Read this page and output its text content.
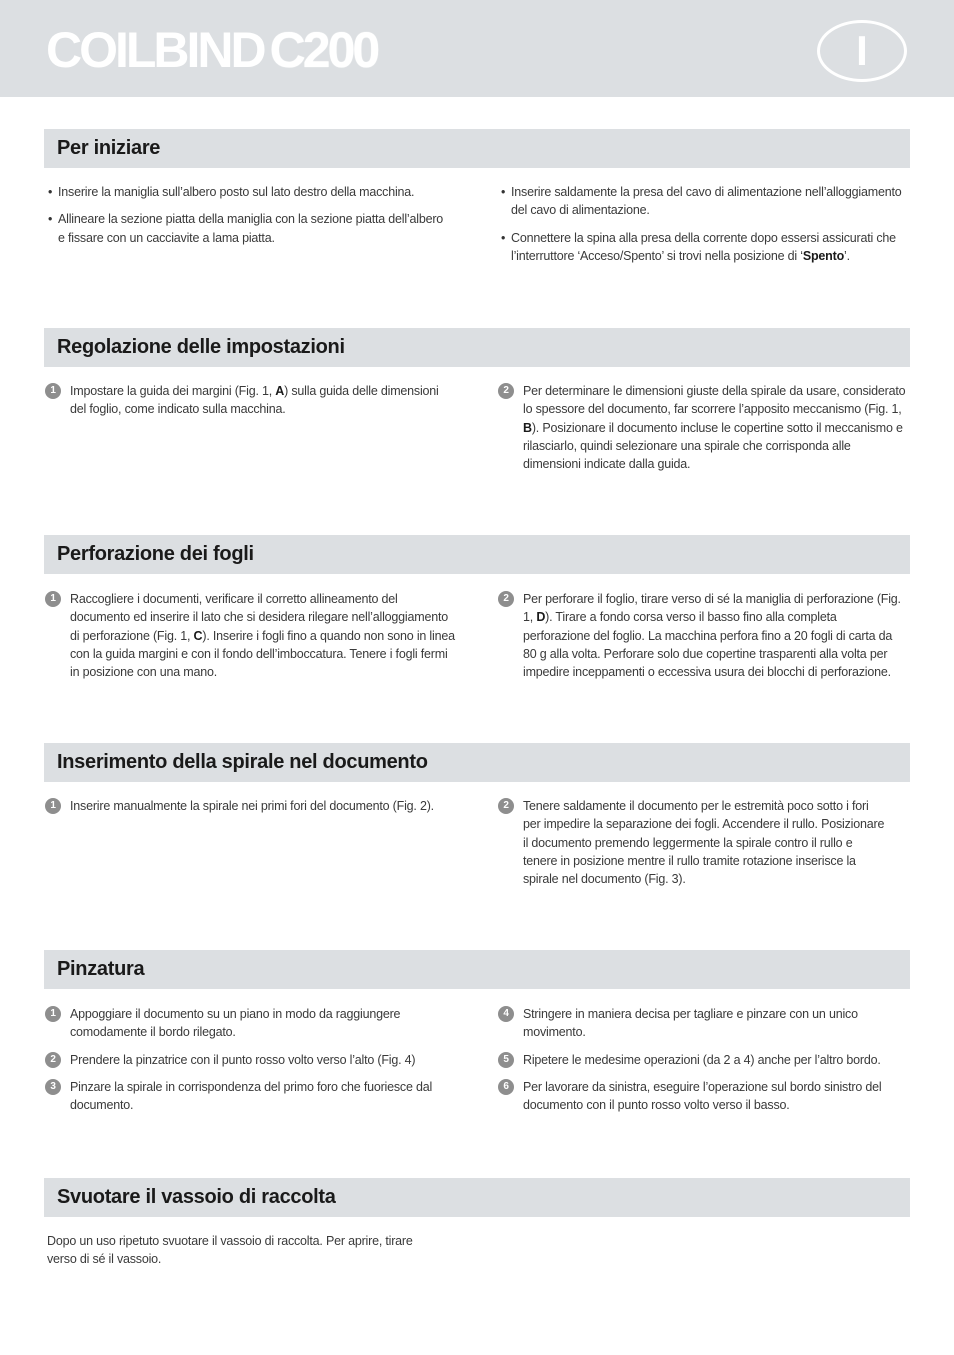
COILBIND C200	I
Per iniziare
• Inserire la maniglia sull’albero posto sul lato destro della macchina.
• Allineare la sezione piatta della maniglia con la sezione piatta dell’albero e fissare con un cacciavite a lama piatta.
• Inserire saldamente la presa del cavo di alimentazione nell’alloggiamento del cavo di alimentazione.
• Connettere la spina alla presa della corrente dopo essersi assicurati che l’interruttore ‘Acceso/Spento’ si trovi nella posizione di ‘Spento’.
Regolazione delle impostazioni
1	Impostare la guida dei margini (Fig. 1, A) sulla guida delle dimensioni del foglio, come indicato sulla macchina.
2	Per determinare le dimensioni giuste della spirale da usare, considerato lo spessore del documento, far scorrere l’apposito meccanismo (Fig. 1, B). Posizionare il documento incluse le copertine sotto il meccanismo e rilasciarlo, quindi selezionare una spirale che corrisponda alle dimensioni indicate dalla guida.
Perforazione dei fogli
1	Raccogliere i documenti, verificare il corretto allineamento del documento ed inserire il lato che si desidera rilegare nell’alloggiamento di perforazione (Fig. 1, C). Inserire i fogli fino a quando non sono in linea con la guida margini e con il fondo dell’imboccatura. Tenere i fogli fermi in posizione con una mano.
2	Per perforare il foglio, tirare verso di sé la maniglia di perforazione (Fig. 1, D). Tirare a fondo corsa verso il basso fino alla completa perforazione del foglio. La macchina perfora fino a 20 fogli di carta da 80 g alla volta. Perforare solo due copertine trasparenti alla volta per impedire inceppamenti o eccessiva usura dei blocchi di perforazione.
Inserimento della spirale nel documento
1	Inserire manualmente la spirale nei primi fori del documento (Fig. 2).	2	Tenere saldamente il documento per le estremità poco sotto i fori per impedire la separazione dei fogli. Accendere il rullo. Posizionare il documento premendo leggermente la spirale contro il rullo e tenere in posizione mentre il rullo tramite rotazione inserisce la spirale nel documento (Fig. 3).
Pinzatura
1	Appoggiare il documento su un piano in modo da raggiungere comodamente il bordo rilegato.
2	Prendere la pinzatrice con il punto rosso volto verso l’alto (Fig. 4)
3	Pinzare la spirale in corrispondenza del primo foro che fuoriesce dal documento.
4	Stringere in maniera decisa per tagliare e pinzare con un unico movimento.
5	Ripetere le medesime operazioni (da 2 a 4) anche per l’altro bordo.
6	Per lavorare da sinistra, eseguire l’operazione sul bordo sinistro del documento con il punto rosso volto verso il basso.
Svuotare il vassoio di raccolta
Dopo un uso ripetuto svuotare il vassoio di raccolta. Per aprire, tirare verso di sé il vassoio.
